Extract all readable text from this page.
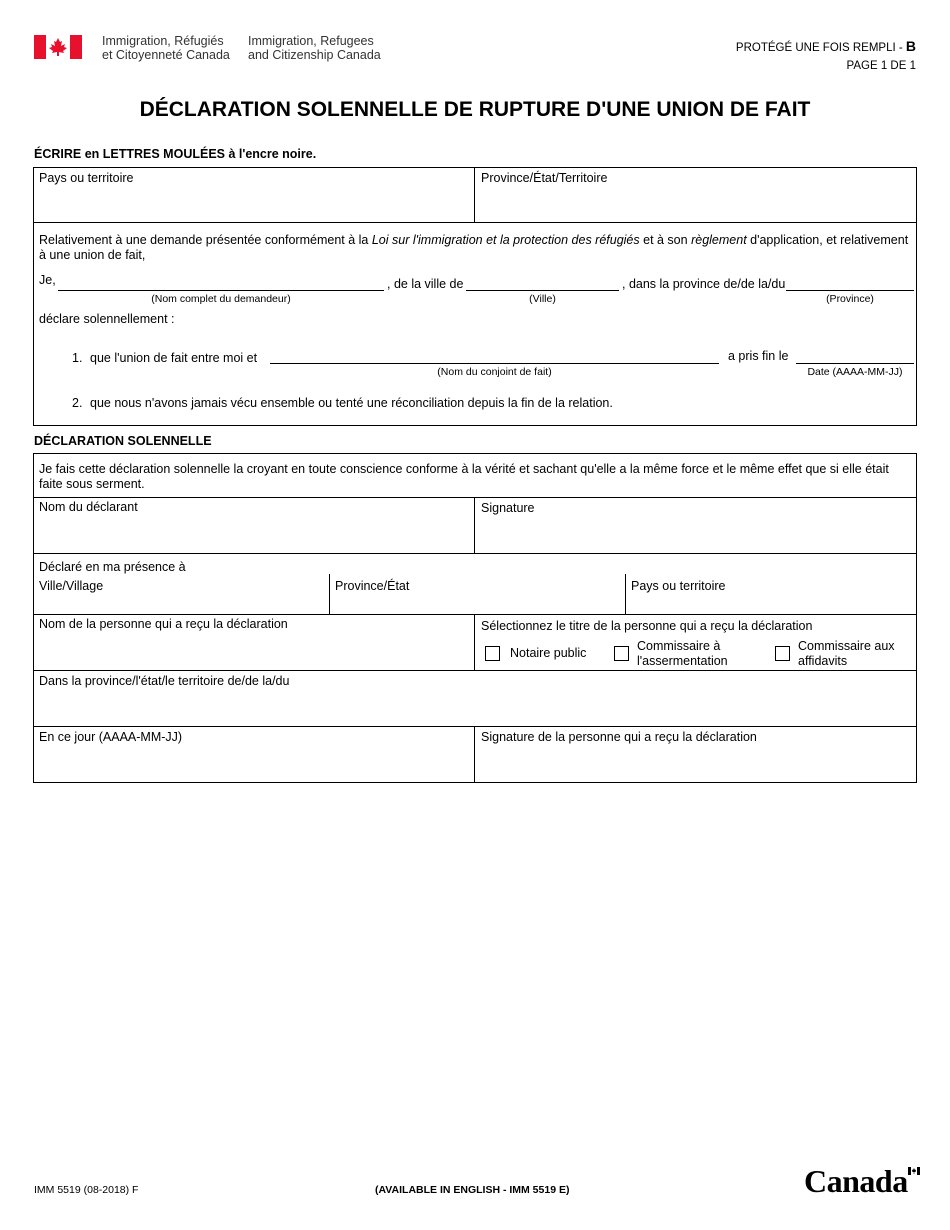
Immigration, Réfugiés
et Citoyenneté Canada
Immigration, Refugees
and Citizenship Canada	PROTÉGÉ UNE FOIS REMPLI - B
PAGE 1 DE 1
DÉCLARATION SOLENNELLE DE RUPTURE D'UNE UNION DE FAIT
ÉCRIRE en LETTRES MOULÉES à l'encre noire.
Pays ou territoire	Province/État/Territoire
Relativement à une demande présentée conformément à la Loi sur l'immigration et la protection des réfugiés et à son règlement d'application, et relativement à une union de fait,
Je,
(Nom complet du demandeur)
, de la ville de
(Ville)
, dans la province de/de la/du
(Province)
déclare solennellement :
1. que l'union de fait entre moi et
(Nom du conjoint de fait)
a pris fin le
Date (AAAA-MM-JJ)
2. que nous n'avons jamais vécu ensemble ou tenté une réconciliation depuis la fin de la relation.
DÉCLARATION SOLENNELLE
Je fais cette déclaration solennelle la croyant en toute conscience conforme à la vérité et sachant qu'elle a la même force et le même effet que si elle était faite sous serment.
Nom du déclarant	Signature
Déclaré en ma présence à
Ville/Village	Province/État	Pays ou territoire
Nom de la personne qui a reçu la déclaration	Sélectionnez le titre de la personne qui a reçu la déclaration
Notaire public	Commissaire à
l'assermentation
Commissaire aux
affidavits
Dans la province/l'état/le territoire de/de la/du
En ce jour (AAAA-MM-JJ)	Signature de la personne qui a reçu la déclaration
IMM 5519 (08-2018) F	(AVAILABLE IN ENGLISH - IMM 5519 E)	Canada
